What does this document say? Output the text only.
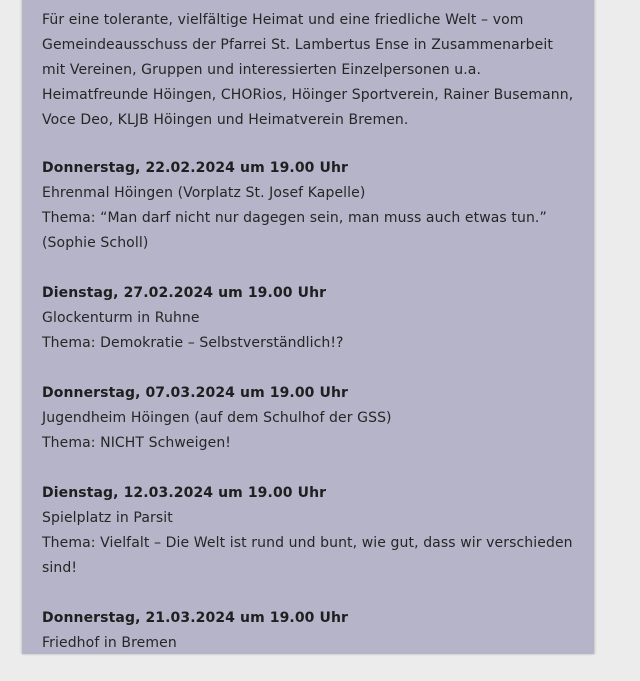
Für eine tolerante, vielfältige Heimat und eine friedliche Welt – vom Gemeindeausschuss der Pfarrei St. Lambertus Ense in Zusammenarbeit mit Vereinen, Gruppen und interessierten Einzelpersonen u.a. Heimatfreunde Höingen, CHORios, Höinger Sportverein, Rainer Busemann, Voce Deo, KLJB Höingen und Heimatverein Bremen.

Donnerstag, 22.02.2024 um 19.00 Uhr

Ehrenmal Höingen (Vorplatz St. Josef Kapelle)

Thema: “Man darf nicht nur dagegen sein, man muss auch etwas tun.” (Sophie Scholl)

Dienstag, 27.02.2024 um 19.00 Uhr

Glockenturm in Ruhne

Thema: Demokratie – Selbstverständlich!?

Donnerstag, 07.03.2024 um 19.00 Uhr

Jugendheim Höingen (auf dem Schulhof der GSS)

Thema: NICHT Schweigen!

Dienstag, 12.03.2024 um 19.00 Uhr

Spielplatz in Parsit

Thema: Vielfalt – Die Welt ist rund und bunt, wie gut, dass wir verschieden sind!

Donnerstag, 21.03.2024 um 19.00 Uhr

Friedhof in Bremen
